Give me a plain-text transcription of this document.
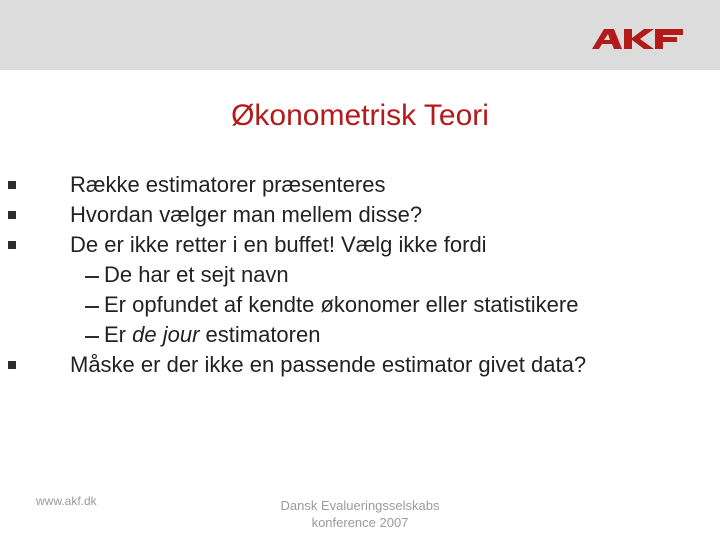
Økonometrisk Teori
Række estimatorer præsenteres
Hvordan vælger man mellem disse?
De er ikke retter i en buffet! Vælg ikke fordi
De har et sejt navn
Er opfundet af kendte økonomer eller statistikere
Er de jour estimatoren
Måske er der ikke en passende estimator givet data?
www.akf.dk	Dansk Evalueringsselskabs
konference 2007
